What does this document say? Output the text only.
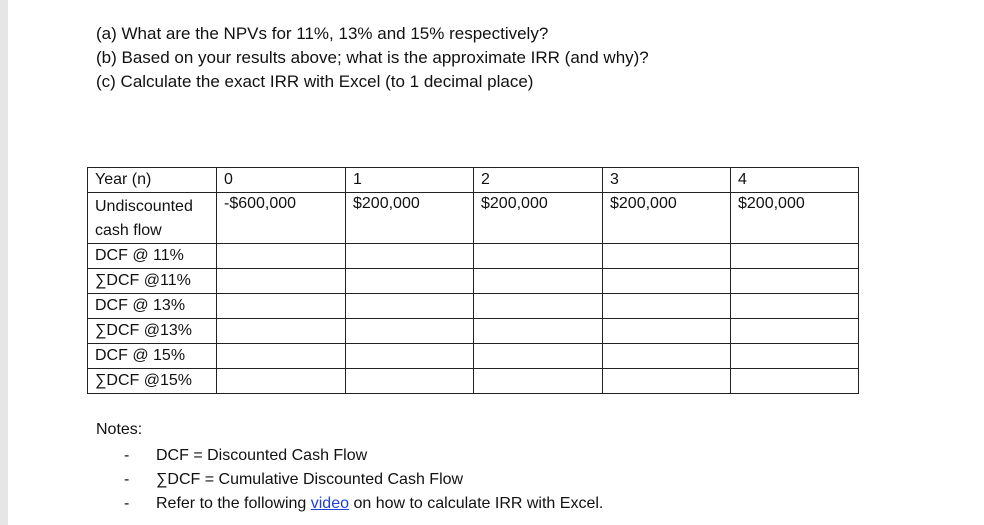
(a) What are the NPVs for 11%, 13% and 15% respectively?
(b) Based on your results above; what is the approximate IRR (and why)?
(c) Calculate the exact IRR with Excel (to 1 decimal place)
Year (n)	0	1	2	3	4

Undiscounted cash flow	-$600,000	$200,000	$200,000	$200,000	$200,000
DCF @ 11%					
∑DCF @11%					
DCF @ 13%					
∑DCF @13%					
DCF @ 15%					
∑DCF @15%					
Notes:
- DCF = Discounted Cash Flow
- ∑DCF = Cumulative Discounted Cash Flow
- Refer to the following video on how to calculate IRR with Excel.
